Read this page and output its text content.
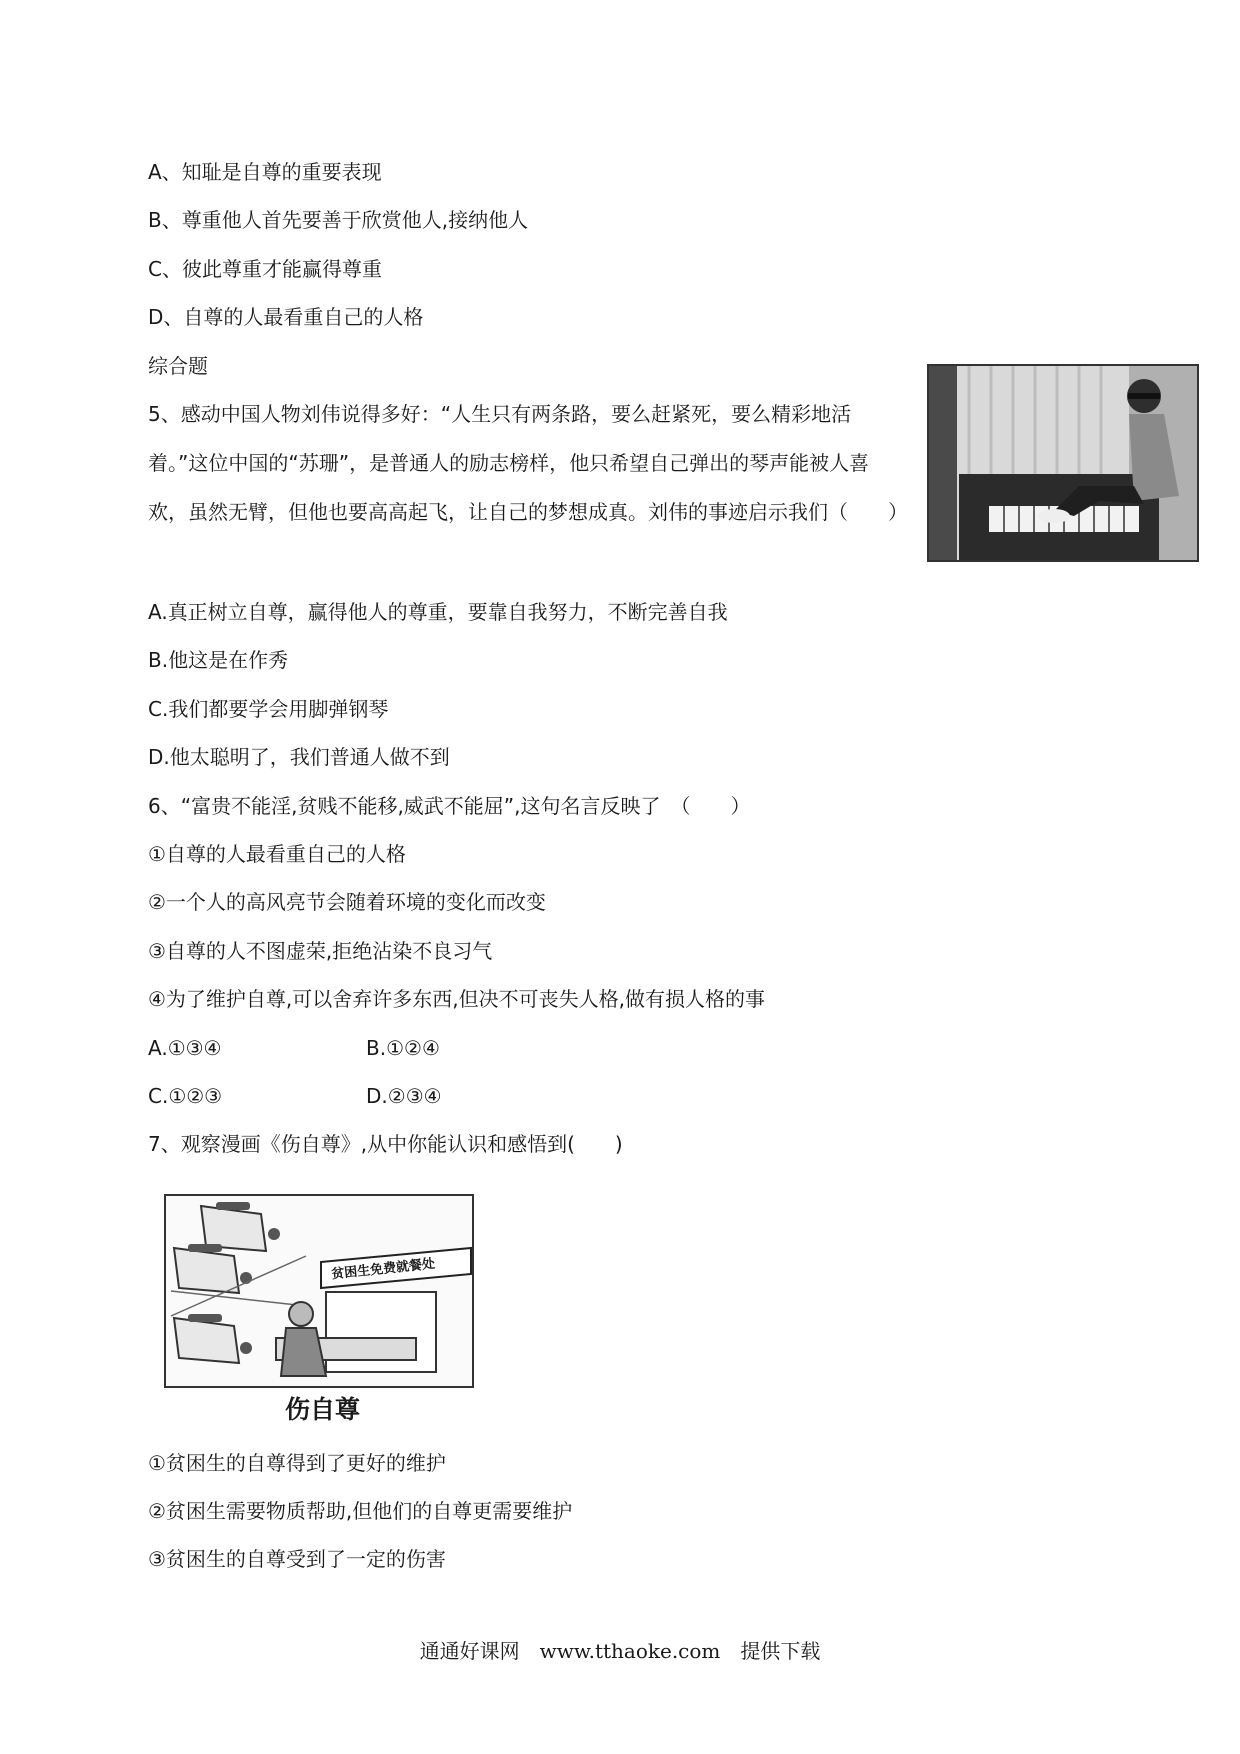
A、知耻是自尊的重要表现
B、尊重他人首先要善于欣赏他人,接纳他人
C、彼此尊重才能赢得尊重
D、自尊的人最看重自己的人格
综合题
5、感动中国人物刘伟说得多好：“人生只有两条路，要么赶紧死，要么精彩地活着。”这位中国的“苏珊”，是普通人的励志榜样，他只希望自己弹出的琴声能被人喜欢，虽然无臂，但他也要高高起飞，让自己的梦想成真。刘伟的事迹启示我们（　　）
A.真正树立自尊，赢得他人的尊重，要靠自我努力，不断完善自我
B.他这是在作秀
C.我们都要学会用脚弹钢琴
D.他太聪明了，我们普通人做不到
6、“富贵不能淫,贫贱不能移,威武不能屈”,这句名言反映了　（　　）
①自尊的人最看重自己的人格
②一个人的高风亮节会随着环境的变化而改变
③自尊的人不图虚荣,拒绝沾染不良习气
④为了维护自尊,可以舍弃许多东西,但决不可丧失人格,做有损人格的事
A.①③④	B.①②④
C.①②③	D.②③④
7、观察漫画《伤自尊》,从中你能认识和感悟到(　　)
贫困生免费就餐处
伤自尊
①贫困生的自尊得到了更好的维护
②贫困生需要物质帮助,但他们的自尊更需要维护
③贫困生的自尊受到了一定的伤害
通通好课网　www.tthaoke.com　提供下载
